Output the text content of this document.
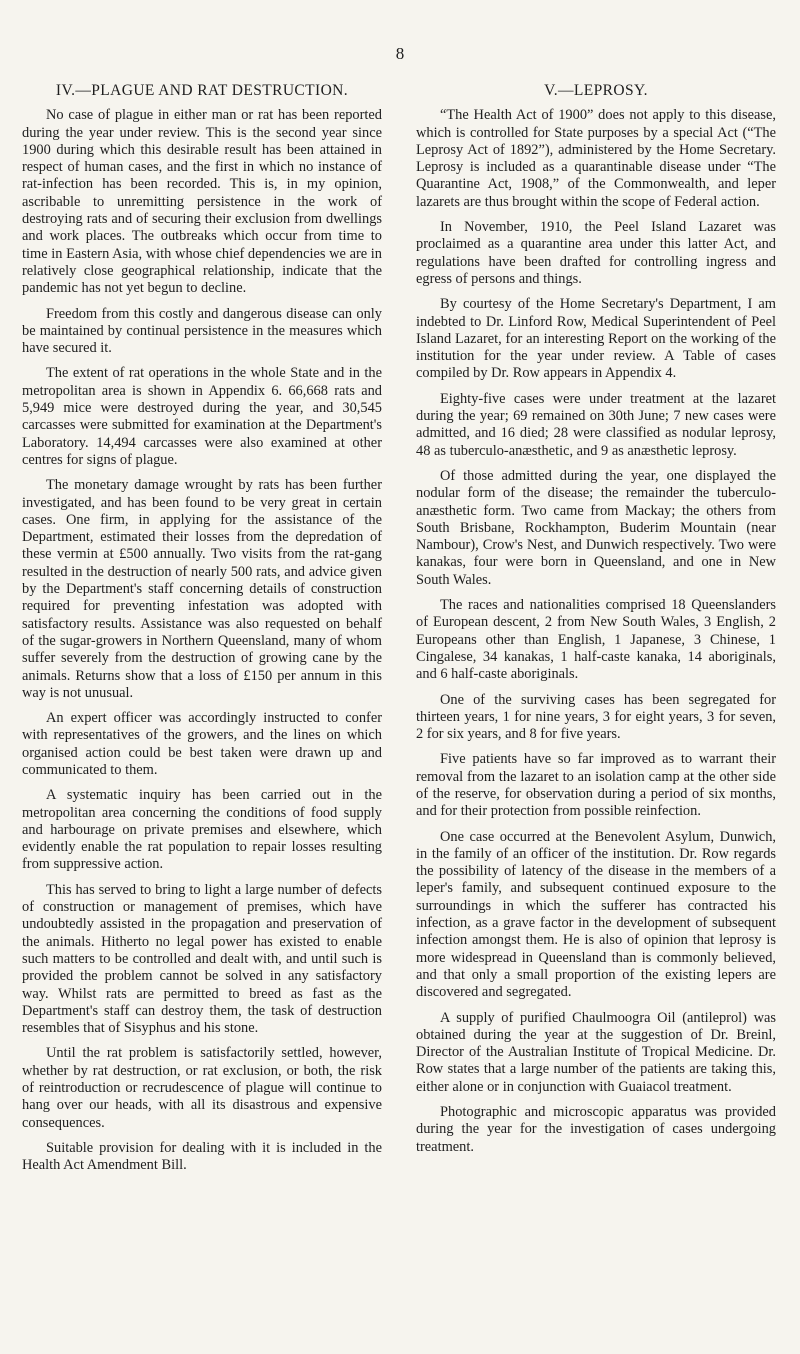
8
IV.—PLAGUE AND RAT DESTRUCTION.

No case of plague in either man or rat has been reported during the year under review. This is the second year since 1900 during which this desirable result has been attained in respect of human cases, and the first in which no instance of rat-infection has been recorded. This is, in my opinion, ascribable to unremitting persistence in the work of destroying rats and of securing their exclusion from dwellings and work places. The outbreaks which occur from time to time in Eastern Asia, with whose chief dependencies we are in relatively close geographical relationship, indicate that the pandemic has not yet begun to decline.

Freedom from this costly and dangerous disease can only be maintained by continual persistence in the measures which have secured it.

The extent of rat operations in the whole State and in the metropolitan area is shown in Appendix 6. 66,668 rats and 5,949 mice were destroyed during the year, and 30,545 carcasses were submitted for examination at the Department's Laboratory. 14,494 carcasses were also examined at other centres for signs of plague.

The monetary damage wrought by rats has been further investigated, and has been found to be very great in certain cases. One firm, in applying for the assistance of the Department, estimated their losses from the depredation of these vermin at £500 annually. Two visits from the rat-gang resulted in the destruction of nearly 500 rats, and advice given by the Department's staff concerning details of construction required for preventing infestation was adopted with satisfactory results. Assistance was also requested on behalf of the sugar-growers in Northern Queensland, many of whom suffer severely from the destruction of growing cane by the animals. Returns show that a loss of £150 per annum in this way is not unusual.

An expert officer was accordingly instructed to confer with representatives of the growers, and the lines on which organised action could be best taken were drawn up and communicated to them.

A systematic inquiry has been carried out in the metropolitan area concerning the conditions of food supply and harbourage on private premises and elsewhere, which evidently enable the rat population to repair losses resulting from suppressive action.

This has served to bring to light a large number of defects of construction or management of premises, which have undoubtedly assisted in the propagation and preservation of the animals. Hitherto no legal power has existed to enable such matters to be controlled and dealt with, and until such is provided the problem cannot be solved in any satisfactory way. Whilst rats are permitted to breed as fast as the Department's staff can destroy them, the task of destruction resembles that of Sisyphus and his stone.

Until the rat problem is satisfactorily settled, however, whether by rat destruction, or rat exclusion, or both, the risk of reintroduction or recrudescence of plague will continue to hang over our heads, with all its disastrous and expensive consequences.

Suitable provision for dealing with it is included in the Health Act Amendment Bill.

V.—LEPROSY.

“The Health Act of 1900” does not apply to this disease, which is controlled for State purposes by a special Act (“The Leprosy Act of 1892”), administered by the Home Secretary. Leprosy is included as a quarantinable disease under “The Quarantine Act, 1908,” of the Commonwealth, and leper lazarets are thus brought within the scope of Federal action.

In November, 1910, the Peel Island Lazaret was proclaimed as a quarantine area under this latter Act, and regulations have been drafted for controlling ingress and egress of persons and things.

By courtesy of the Home Secretary's Department, I am indebted to Dr. Linford Row, Medical Superintendent of Peel Island Lazaret, for an interesting Report on the working of the institution for the year under review. A Table of cases compiled by Dr. Row appears in Appendix 4.

Eighty-five cases were under treatment at the lazaret during the year; 69 remained on 30th June; 7 new cases were admitted, and 16 died; 28 were classified as nodular leprosy, 48 as tuberculo-anæsthetic, and 9 as anæsthetic leprosy.

Of those admitted during the year, one displayed the nodular form of the disease; the remainder the tuberculo-anæsthetic form. Two came from Mackay; the others from South Brisbane, Rockhampton, Buderim Mountain (near Nambour), Crow's Nest, and Dunwich respectively. Two were kanakas, four were born in Queensland, and one in New South Wales.

The races and nationalities comprised 18 Queenslanders of European descent, 2 from New South Wales, 3 English, 2 Europeans other than English, 1 Japanese, 3 Chinese, 1 Cingalese, 34 kanakas, 1 half-caste kanaka, 14 aboriginals, and 6 half-caste aboriginals.

One of the surviving cases has been segregated for thirteen years, 1 for nine years, 3 for eight years, 3 for seven, 2 for six years, and 8 for five years.

Five patients have so far improved as to warrant their removal from the lazaret to an isolation camp at the other side of the reserve, for observation during a period of six months, and for their protection from possible reinfection.

One case occurred at the Benevolent Asylum, Dunwich, in the family of an officer of the institution. Dr. Row regards the possibility of latency of the disease in the members of a leper's family, and subsequent continued exposure to the surroundings in which the sufferer has contracted his infection, as a grave factor in the development of subsequent infection amongst them. He is also of opinion that leprosy is more widespread in Queensland than is commonly believed, and that only a small proportion of the existing lepers are discovered and segregated.

A supply of purified Chaulmoogra Oil (antileprol) was obtained during the year at the suggestion of Dr. Breinl, Director of the Australian Institute of Tropical Medicine. Dr. Row states that a large number of the patients are taking this, either alone or in conjunction with Guaiacol treatment.

Photographic and microscopic apparatus was provided during the year for the investigation of cases undergoing treatment.
